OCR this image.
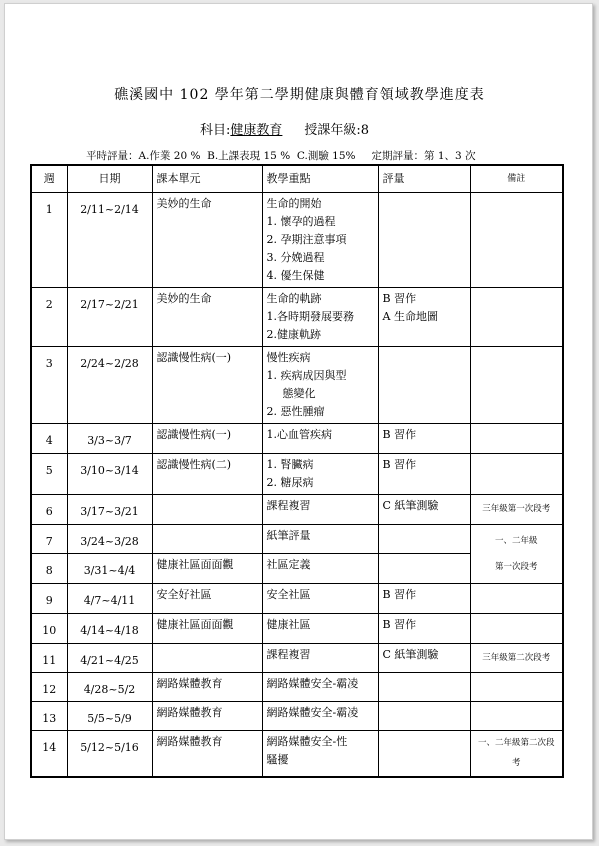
礁溪國中 102 學年第二學期健康與體育領域教學進度表
科目:健康教育 授課年級:8
平時評量：A.作業 20 %  B.上課表現 15 %  C.測驗 15% 定期評量：第 1、3 次
週	日期	課本單元	教學重點	評量	備註
1	2/11~2/14	美妙的生命	生命的開始
1. 懷孕的過程
2. 孕期注意事項
3. 分娩過程
4. 優生保健		

2	2/17~2/21	美妙的生命	生命的軌跡
1.各時期發展要務
2.健康軌跡	B 習作
A 生命地圖	

3	2/24~2/28	認識慢性病(一)	慢性疾病
1. 疾病成因與型
態變化
2. 惡性腫瘤		

4	3/3~3/7	認識慢性病(一)	1.心血管疾病	B 習作	

5	3/10~3/14	認識慢性病(二)	1. 腎臟病
2. 糖尿病	B 習作	

6	3/17~3/21		課程複習	C 紙筆測驗	三年級第一次段考
7	3/24~3/28		紙筆評量		一、二年級
第一次段考

8	3/31~4/4	健康社區面面觀	社區定義		

9	4/7~4/11	安全好社區	安全社區	B 習作	

10	4/14~4/18	健康社區面面觀	健康社區	B 習作	

11	4/21~4/25		課程複習	C 紙筆測驗	三年級第二次段考
12	4/28~5/2	網路媒體教育	網路媒體安全-霸凌		

13	5/5~5/9	網路媒體教育	網路媒體安全-霸凌		

14	5/12~5/16	網路媒體教育	網路媒體安全-性
騷擾		一、二年級第二次段
考
